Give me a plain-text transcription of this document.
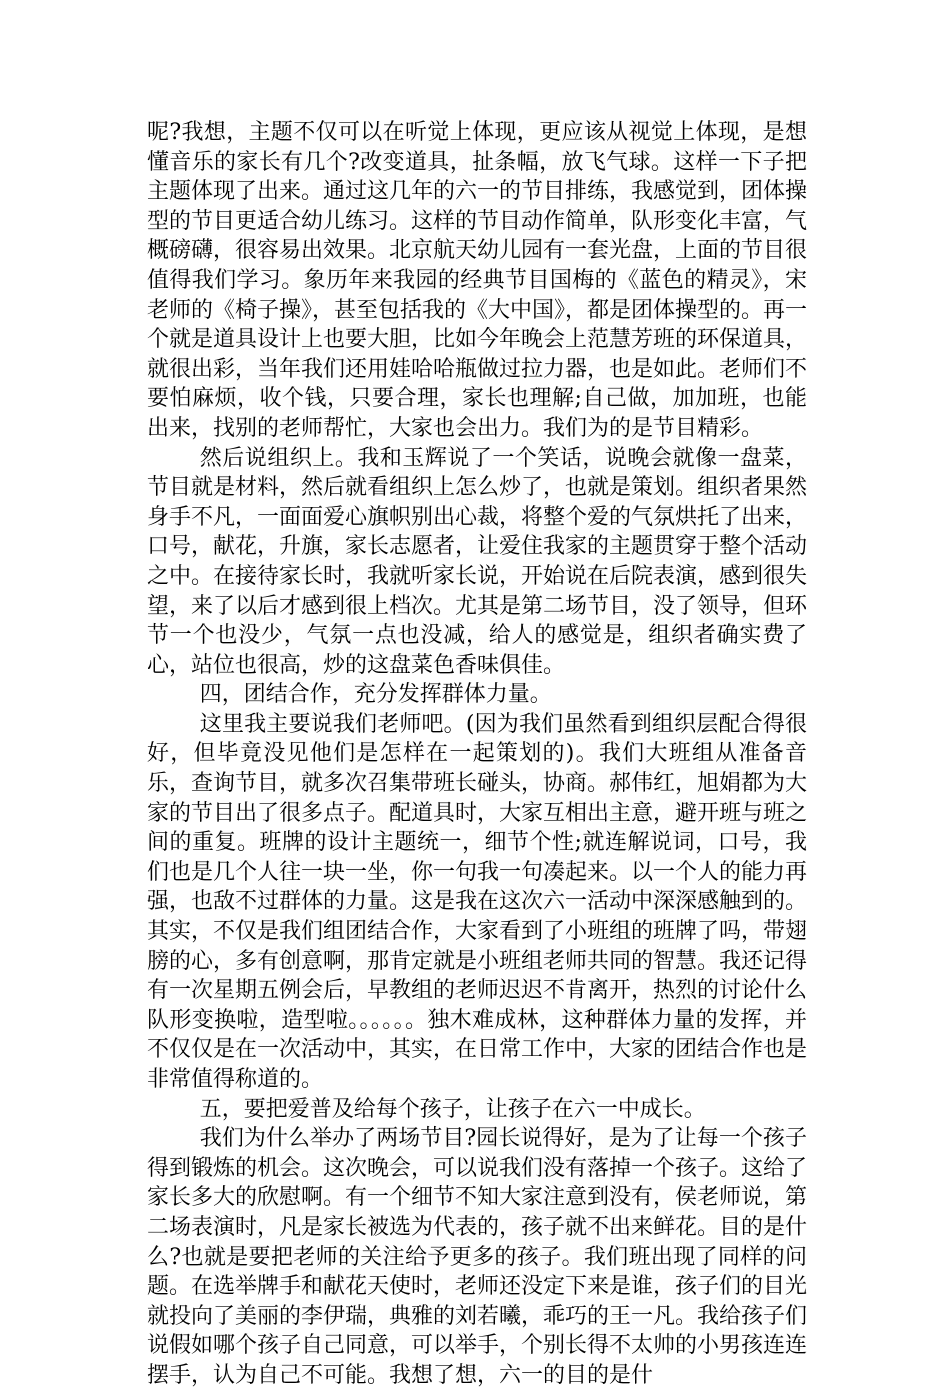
呢?我想，主题不仅可以在听觉上体现，更应该从视觉上体现，是想懂音乐的家长有几个?改变道具，扯条幅，放飞气球。这样一下子把主题体现了出来。通过这几年的六一的节目排练，我感觉到，团体操型的节目更适合幼儿练习。这样的节目动作简单，队形变化丰富，气概磅礴，很容易出效果。北京航天幼儿园有一套光盘，上面的节目很值得我们学习。象历年来我园的经典节目国梅的《蓝色的精灵》，宋老师的《椅子操》，甚至包括我的《大中国》，都是团体操型的。再一个就是道具设计上也要大胆，比如今年晚会上范慧芳班的环保道具，就很出彩，当年我们还用娃哈哈瓶做过拉力器，也是如此。老师们不要怕麻烦，收个钱，只要合理，家长也理解;自己做，加加班，也能出来，找别的老师帮忙，大家也会出力。我们为的是节目精彩。

然后说组织上。我和玉辉说了一个笑话，说晚会就像一盘菜，节目就是材料，然后就看组织上怎么炒了，也就是策划。组织者果然身手不凡，一面面爱心旗帜别出心裁，将整个爱的气氛烘托了出来，口号，献花，升旗，家长志愿者，让爱住我家的主题贯穿于整个活动之中。在接待家长时，我就听家长说，开始说在后院表演，感到很失望，来了以后才感到很上档次。尤其是第二场节目，没了领导，但环节一个也没少，气氛一点也没减，给人的感觉是，组织者确实费了心，站位也很高，炒的这盘菜色香味俱佳。

四，团结合作，充分发挥群体力量。

这里我主要说我们老师吧。(因为我们虽然看到组织层配合得很好，但毕竟没见他们是怎样在一起策划的)。我们大班组从准备音乐，查询节目，就多次召集带班长碰头，协商。郝伟红，旭娟都为大家的节目出了很多点子。配道具时，大家互相出主意，避开班与班之间的重复。班牌的设计主题统一，细节个性;就连解说词，口号，我们也是几个人往一块一坐，你一句我一句凑起来。以一个人的能力再强，也敌不过群体的力量。这是我在这次六一活动中深深感触到的。其实，不仅是我们组团结合作，大家看到了小班组的班牌了吗，带翅膀的心，多有创意啊，那肯定就是小班组老师共同的智慧。我还记得有一次星期五例会后，早教组的老师迟迟不肯离开，热烈的讨论什么队形变换啦，造型啦。。。。。。独木难成林，这种群体力量的发挥，并不仅仅是在一次活动中，其实，在日常工作中，大家的团结合作也是非常值得称道的。

五，要把爱普及给每个孩子，让孩子在六一中成长。

我们为什么举办了两场节目?园长说得好，是为了让每一个孩子得到锻炼的机会。这次晚会，可以说我们没有落掉一个孩子。这给了家长多大的欣慰啊。有一个细节不知大家注意到没有，侯老师说，第二场表演时，凡是家长被选为代表的，孩子就不出来鲜花。目的是什么?也就是要把老师的关注给予更多的孩子。我们班出现了同样的问题。在选举牌手和献花天使时，老师还没定下来是谁，孩子们的目光就投向了美丽的李伊瑞，典雅的刘若曦，乖巧的王一凡。我给孩子们说假如哪个孩子自己同意，可以举手，个别长得不太帅的小男孩连连摆手，认为自己不可能。我想了想，六一的目的是什
